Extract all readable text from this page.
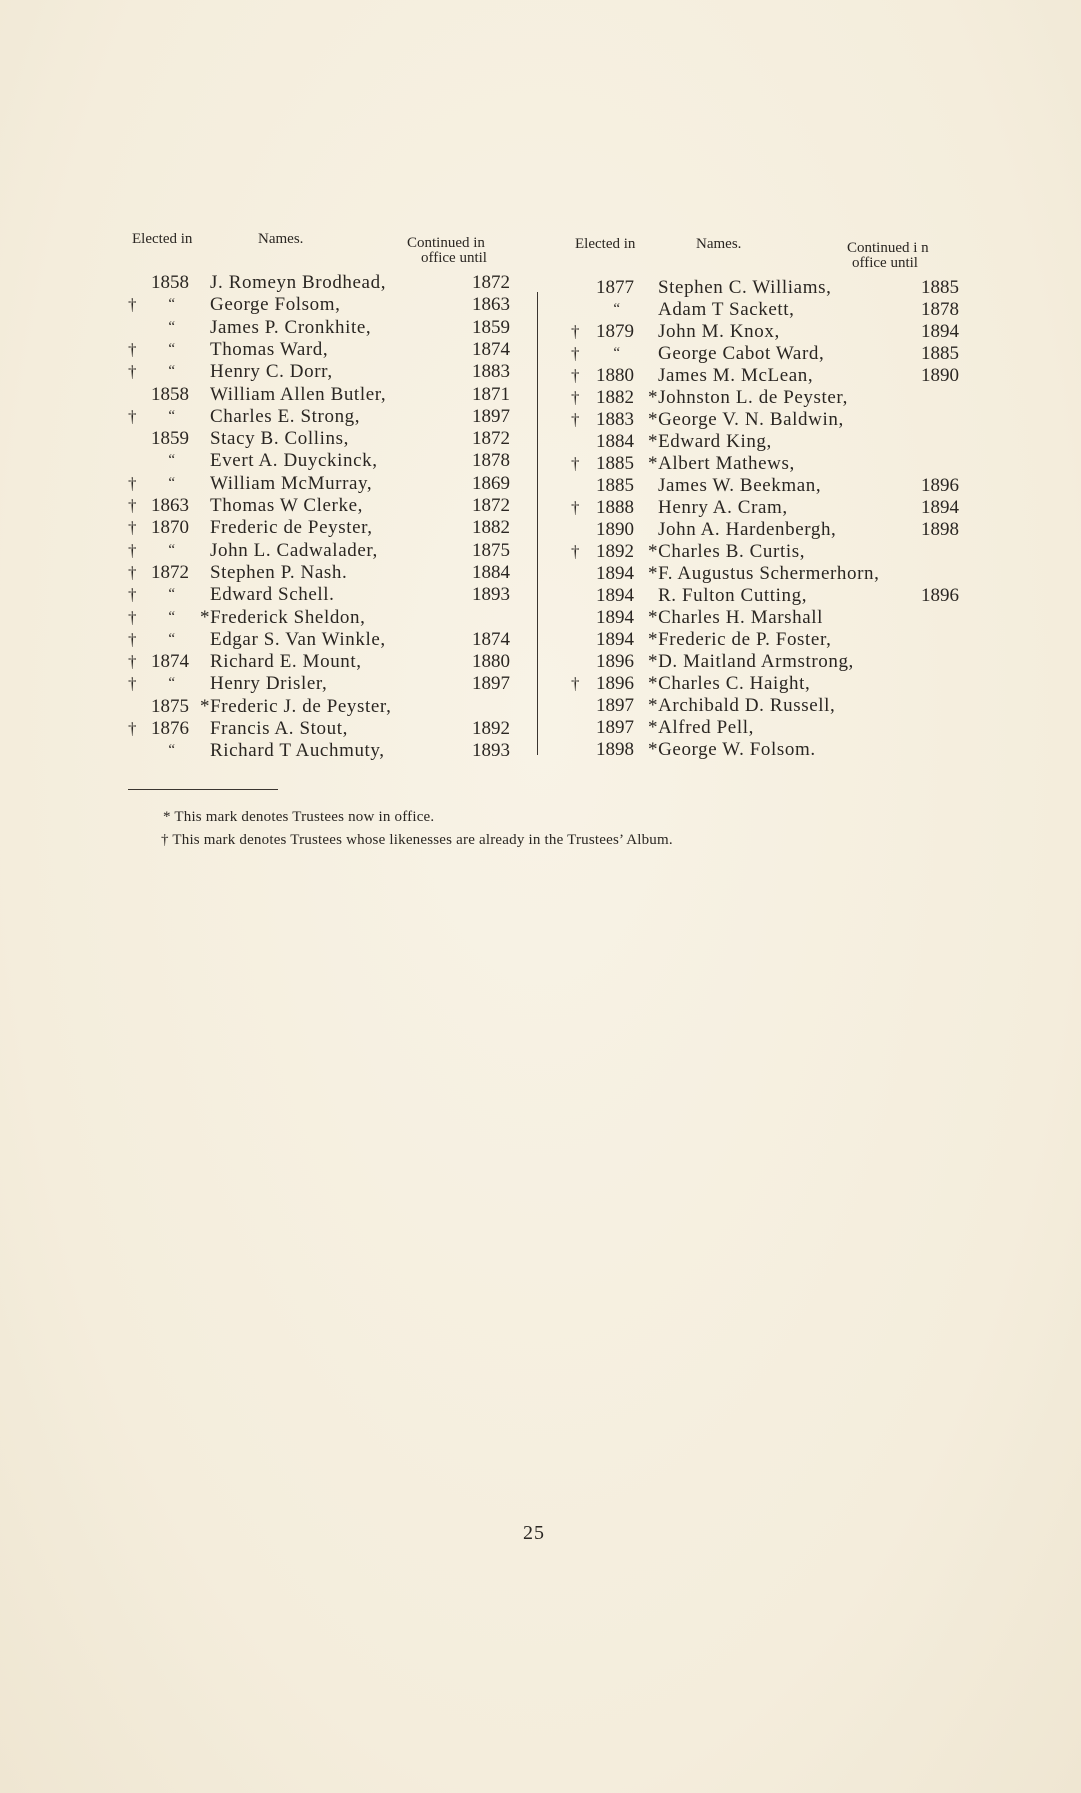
Elected in	Names.	Continued in
office until
Elected in	Names.	Continued i n
office until
1858 J. Romeyn Brodhead,	1872
†	“ George Folsom,	1863
“ James P. Cronkhite,	1859
†	“ Thomas Ward,	1874
†	“ Henry C. Dorr,	1883
1858 William Allen Butler,	1871
†	“ Charles E. Strong,	1897
1859 Stacy B. Collins,	1872
“ Evert A. Duyckinck,	1878
†	“ William McMurray,	1869
† 1863 Thomas W Clerke,	1872
† 1870 Frederic de Peyster,	1882
†	“ John L. Cadwalader,	1875
† 1872 Stephen P. Nash.	1884
†	“ Edward Schell.	1893
†	“ *Frederick Sheldon,
†	“ Edgar S. Van Winkle,	1874
† 1874 Richard E. Mount,	1880
†	“ Henry Drisler,	1897
1875 *Frederic J. de Peyster,
† 1876 Francis A. Stout,	1892
“ Richard T Auchmuty,	1893
1877 Stephen C. Williams,	1885
“ Adam T Sackett,	1878
† 1879 John M. Knox,	1894
†	“ George Cabot Ward,	1885
† 1880 James M. McLean,	1890
† 1882 *Johnston L. de Peyster,
† 1883 *George V. N. Baldwin,
1884 *Edward King,
† 1885 *Albert Mathews,
1885 James W. Beekman,	1896
† 1888 Henry A. Cram,	1894
1890 John A. Hardenbergh,	1898
† 1892 *Charles B. Curtis,
1894 *F. Augustus Schermerhorn,
1894 R. Fulton Cutting,	1896
1894 *Charles H. Marshall
1894 *Frederic de P. Foster,
1896 *D. Maitland Armstrong,
† 1896 *Charles C. Haight,
1897 *Archibald D. Russell,
1897 *Alfred Pell,
1898 *George W. Folsom.
* This mark denotes Trustees now in office.
† This mark denotes Trustees whose likenesses are already in the Trustees’ Album.
25
